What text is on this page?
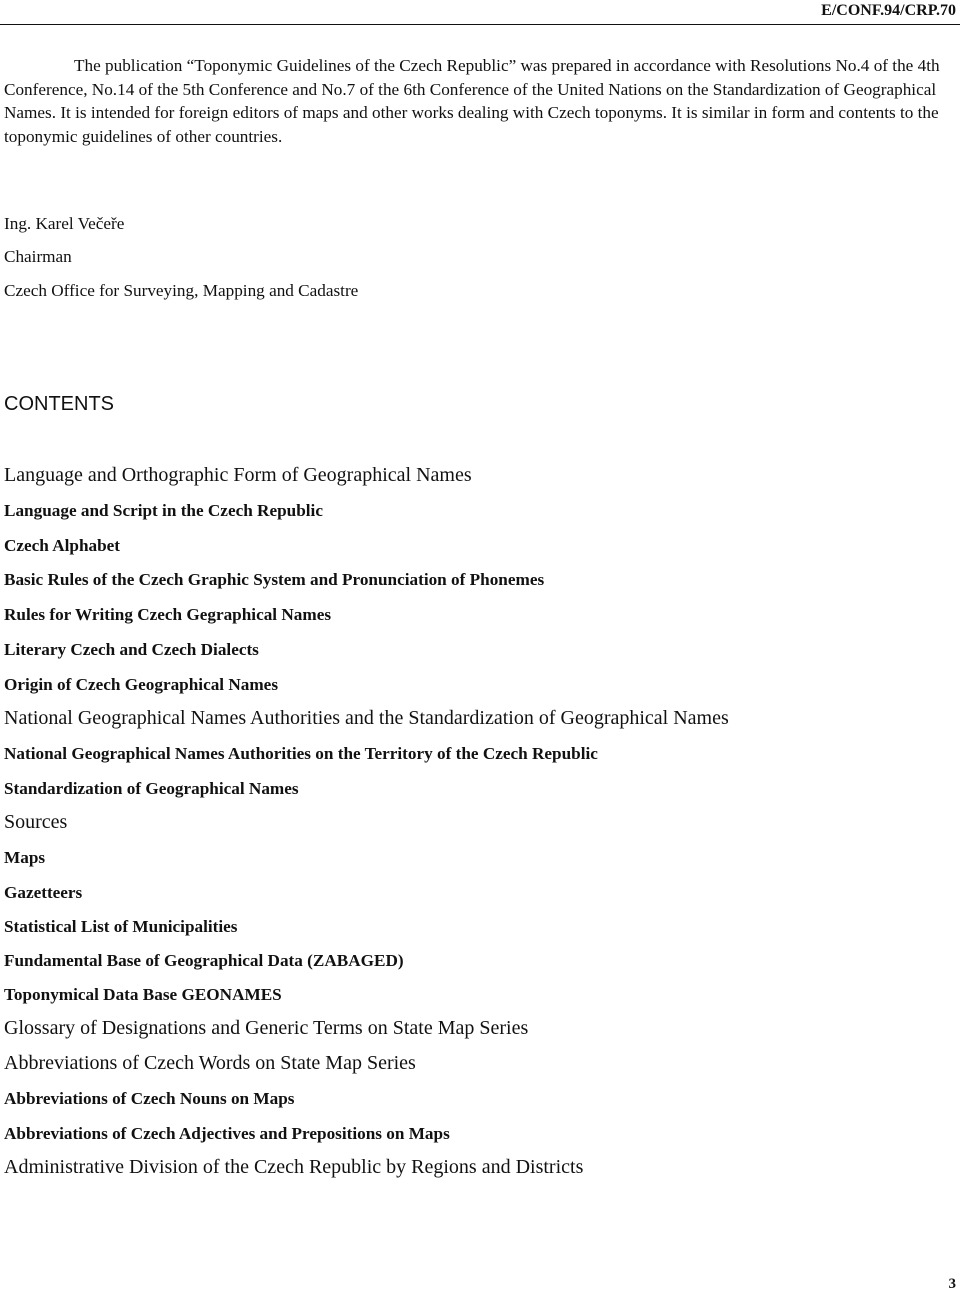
E/CONF.94/CRP.70

The publication “Toponymic Guidelines of the Czech Republic” was prepared in accordance with Resolutions No.4 of the 4th Conference, No.14 of the 5th Conference and No.7 of the 6th Conference of the United Nations on the Standardization of Geographical Names. It is intended for foreign editors of maps and other works dealing with Czech toponyms. It is similar in form and contents to the toponymic guidelines of other countries.

Ing. Karel Večeře

Chairman

Czech Office for Surveying, Mapping and Cadastre

CONTENTS
Language and Orthographic Form of Geographical Names
Language and Script in the Czech Republic
Czech Alphabet
Basic Rules of the Czech Graphic System and Pronunciation of Phonemes
Rules for Writing Czech Gegraphical Names
Literary Czech and Czech Dialects
Origin of Czech Geographical Names
National Geographical Names Authorities and the Standardization of Geographical Names
National Geographical Names Authorities on the Territory of the Czech Republic
Standardization of Geographical Names
Sources
Maps
Gazetteers
Statistical List of Municipalities
Fundamental Base of Geographical Data (ZABAGED)
Toponymical Data Base GEONAMES
Glossary of Designations and Generic Terms on State Map Series
Abbreviations of Czech Words on State Map Series
Abbreviations of Czech Nouns on Maps
Abbreviations of Czech Adjectives and Prepositions on Maps
Administrative Division of the Czech Republic by Regions and Districts
3
